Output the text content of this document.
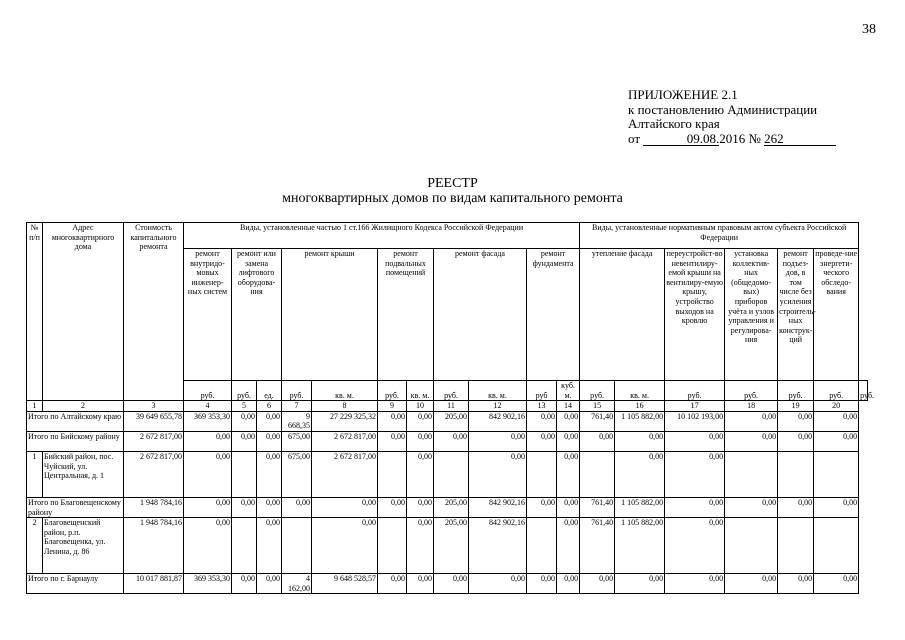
38
ПРИЛОЖЕНИЕ 2.1
к постановлению Администрации
Алтайского края
от	09.08.2016 № 262
РЕЕСТР
многоквартирных домов по видам капитального ремонта
№ п/п	Адрес многоквартирного дома	Стоимость капитального ремонта	Виды, установленные частью 1 ст.166 Жилищного Кодекса Российской Федерации											Виды, установленные нормативным правовым актом субъекта Российской Федерации						
			ремонт внутридо-мовых инженер-ных систем	ремонт или замена лифтового оборудова-ния		ремонт крыши		ремонт подвальных помещений		ремонт фасада		ремонт фундамента		утепление фасада		переустройст-во невентилиру-емой крыши на вентилиру-емую крышу, устройство выходов на кровлю	установка коллектив-ных (общедомо-вых) приборов учёта и узлов управления и регулирова-ния	ремонт подъез-дов, в том числе без усиления строитель-ных конструк-ций	проведе-ние энергети-ческого обследо-вания	
			руб.	руб.	ед.	руб.	кв. м.	руб.	кв. м.	руб.	кв. м.	руб	куб. м.	руб.	кв. м.	руб.	руб.	руб.	руб.	руб.
1	2	3	4	5	6	7	8	9	10	11	12	13	14	15	16	17	18	19	20	
Итого по Алтайскому краю		39 649 655,78	369 353,30	0,00	0,00	9 668,35	27 229 325,32	0,00	0,00	205,00	842 902,16	0,00	0,00	761,40	1 105 882,00	10 102 193,00	0,00	0,00	0,00	
Итого по Бийскому району		2 672 817,00	0,00	0,00	0,00	675,00	2 672 817,00	0,00	0,00	0,00	0,00	0,00	0,00	0,00	0,00	0,00	0,00	0,00	0,00	
1	Бийский район, пос. Чуйский, ул. Центральная, д. 1	2 672 817,00	0,00		0,00	675,00	2 672 817,00		0,00		0,00		0,00		0,00	0,00				
Итого по Благовещенскому району		1 948 784,16	0,00	0,00	0,00	0,00	0,00	0,00	0,00	205,00	842 902,16	0,00	0,00	761,40	1 105 882,00	0,00	0,00	0,00	0,00	
2	Благовещенский район, р.п. Благовещенка, ул. Ленина, д. 86	1 948 784,16	0,00		0,00		0,00		0,00	205,00	842 902,16		0,00	761,40	1 105 882,00	0,00				
Итого по г. Барнаулу		10 017 881,87	369 353,30	0,00	0,00	4 162,00	9 648 528,57	0,00	0,00	0,00	0,00	0,00	0,00	0,00	0,00	0,00	0,00	0,00	0,00	
